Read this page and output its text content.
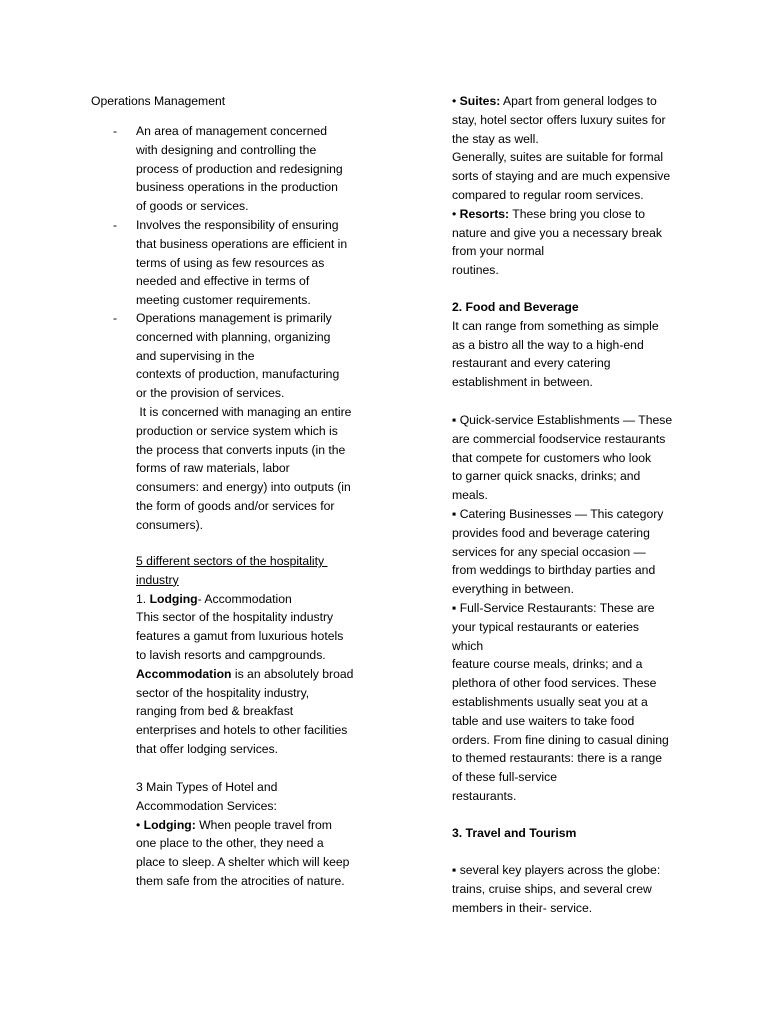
Operations Management
- An area of management concerned
with designing and controlling the
process of production and redesigning
business operations in the production
of goods or services.
- Involves the responsibility of ensuring
that business operations are efficient in
terms of using as few resources as
needed and effective in terms of
meeting customer requirements.
- Operations management is primarily
concerned with planning, organizing
and supervising in the
contexts of production, manufacturing
or the provision of services.
It is concerned with managing an entire
production or service system which is
the process that converts inputs (in the
forms of raw materials, labor
consumers: and energy) into outputs (in
the form of goods and/or services for
consumers).
5 different sectors of the hospitality
industry
1. Lodging- Accommodation
This sector of the hospitality industry
features a gamut from luxurious hotels
to lavish resorts and campgrounds.
Accommodation is an absolutely broad
sector of the hospitality industry,
ranging from bed & breakfast
enterprises and hotels to other facilities
that offer lodging services.
3 Main Types of Hotel and
Accommodation Services:
• Lodging: When people travel from
one place to the other, they need a
place to sleep. A shelter which will keep
them safe from the atrocities of nature.
• Suites: Apart from general lodges to
stay, hotel sector offers luxury suites for
the stay as well.
Generally, suites are suitable for formal
sorts of staying and are much expensive
compared to regular room services.
• Resorts: These bring you close to
nature and give you a necessary break
from your normal
routines.
2. Food and Beverage
It can range from something as simple
as a bistro all the way to a high-end
restaurant and every catering
establishment in between.
▪ Quick-service Establishments — These
are commercial foodservice restaurants
that compete for customers who look
to garner quick snacks, drinks; and
meals.
▪ Catering Businesses — This category
provides food and beverage catering
services for any special occasion —
from weddings to birthday parties and
everything in between.
▪ Full-Service Restaurants: These are
your typical restaurants or eateries
which
feature course meals, drinks; and a
plethora of other food services. These
establishments usually seat you at a
table and use waiters to take food
orders. From fine dining to casual dining
to themed restaurants: there is a range
of these full-service
restaurants.
3. Travel and Tourism
▪ several key players across the globe:
trains, cruise ships, and several crew
members in their- service.
